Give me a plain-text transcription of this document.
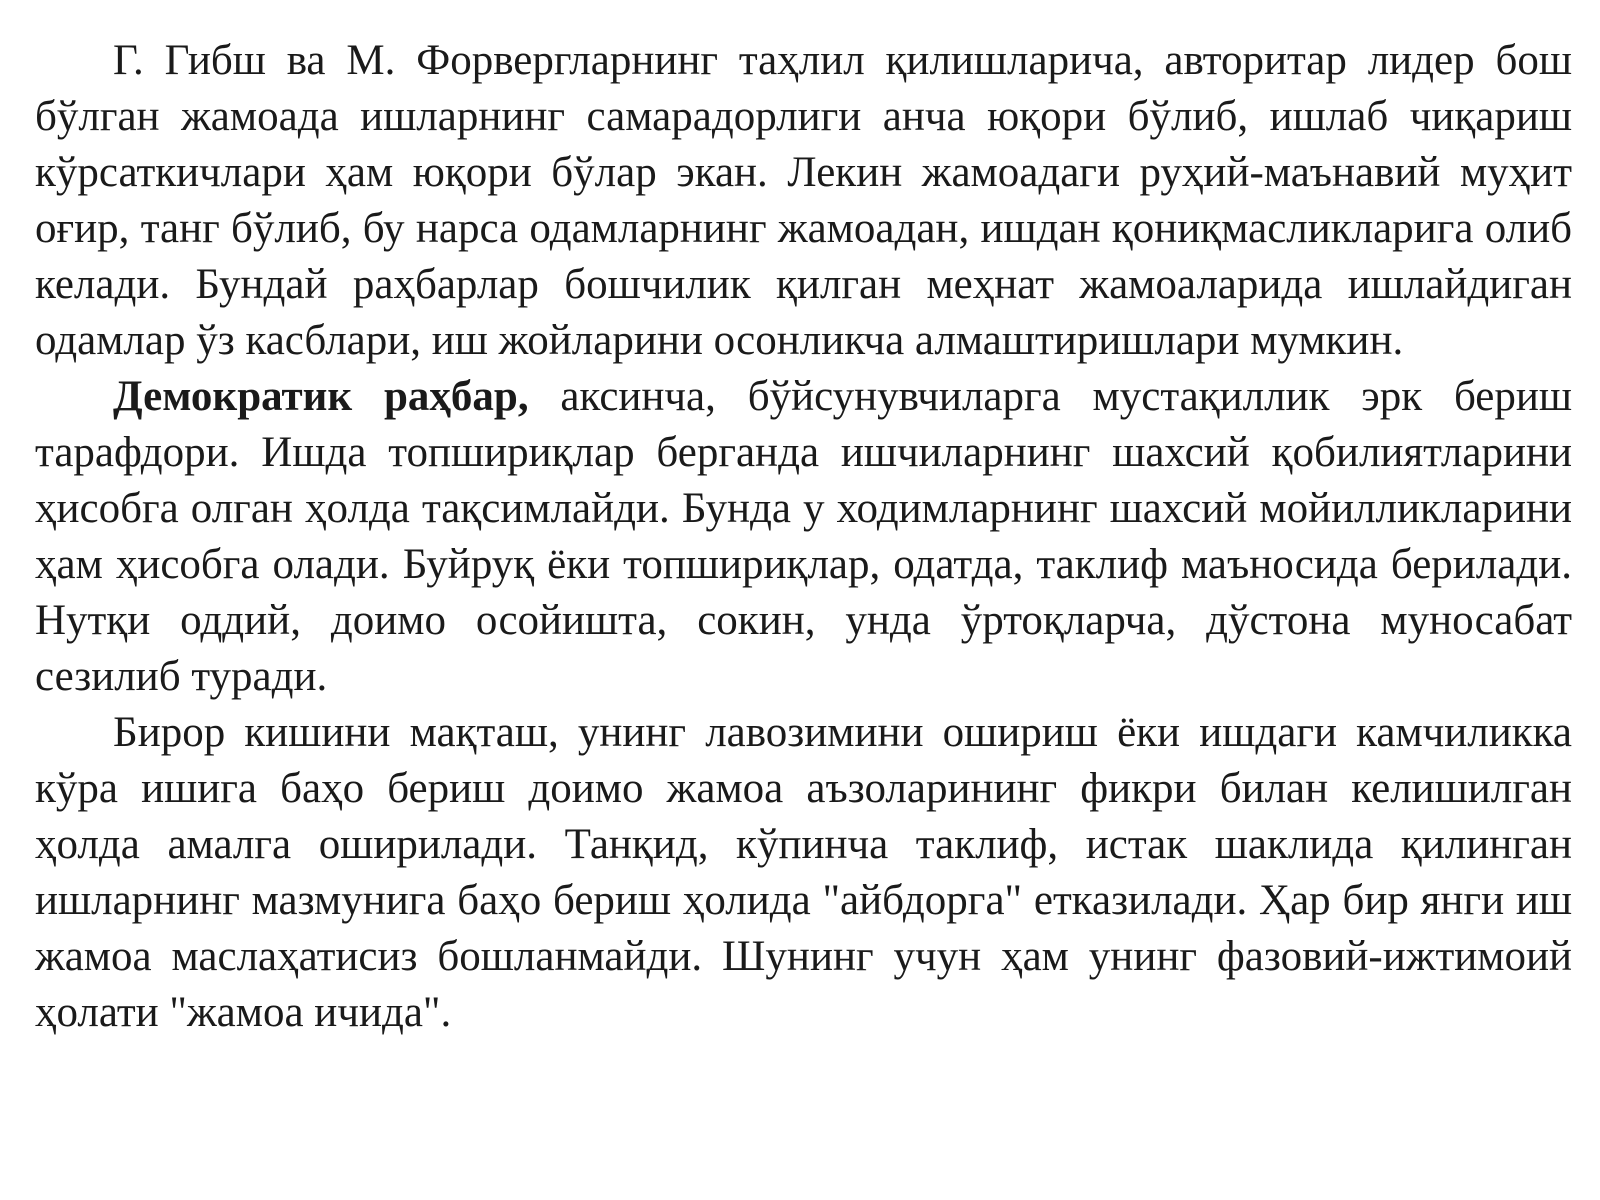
Г. Гибш ва М. Форвергларнинг таҳлил қилишларича, авторитар лидер бош бўлган жамоада ишларнинг самарадорлиги анча юқори бўлиб, ишлаб чиқариш кўрсаткичлари ҳам юқори бўлар экан. Лекин жамоадаги руҳий-маънавий муҳит оғир, танг бўлиб, бу нарса одамларнинг жамоадан, ишдан қониқмасликларига олиб келади. Бундай раҳбарлар бошчилик қилган меҳнат жамоаларида ишлайдиган одамлар ўз касблари, иш жойларини осонликча алмаштиришлари мумкин.

Демократик раҳбар, аксинча, бўйсунувчиларга мустақиллик эрк бериш тарафдори. Ишда топшириқлар берганда ишчиларнинг шахсий қобилиятларини ҳисобга олган ҳолда тақсимлайди. Бунда у ходимларнинг шахсий мойилликларини ҳам ҳисобга олади. Буйруқ ёки топшириқлар, одатда, таклиф маъносида берилади. Нутқи оддий, доимо осойишта, сокин, унда ўртоқларча, дўстона муносабат сезилиб туради.

Бирор кишини мақташ, унинг лавозимини ошириш ёки ишдаги камчиликка кўра ишига баҳо бериш доимо жамоа аъзоларининг фикри билан келишилган ҳолда амалга оширилади. Танқид, кўпинча таклиф, истак шаклида қилинган ишларнинг мазмунига баҳо бериш ҳолида "айбдорга" етказилади. Ҳар бир янги иш жамоа маслаҳатисиз бошланмайди. Шунинг учун ҳам унинг фазовий-ижтимоий ҳолати "жамоа ичида".
